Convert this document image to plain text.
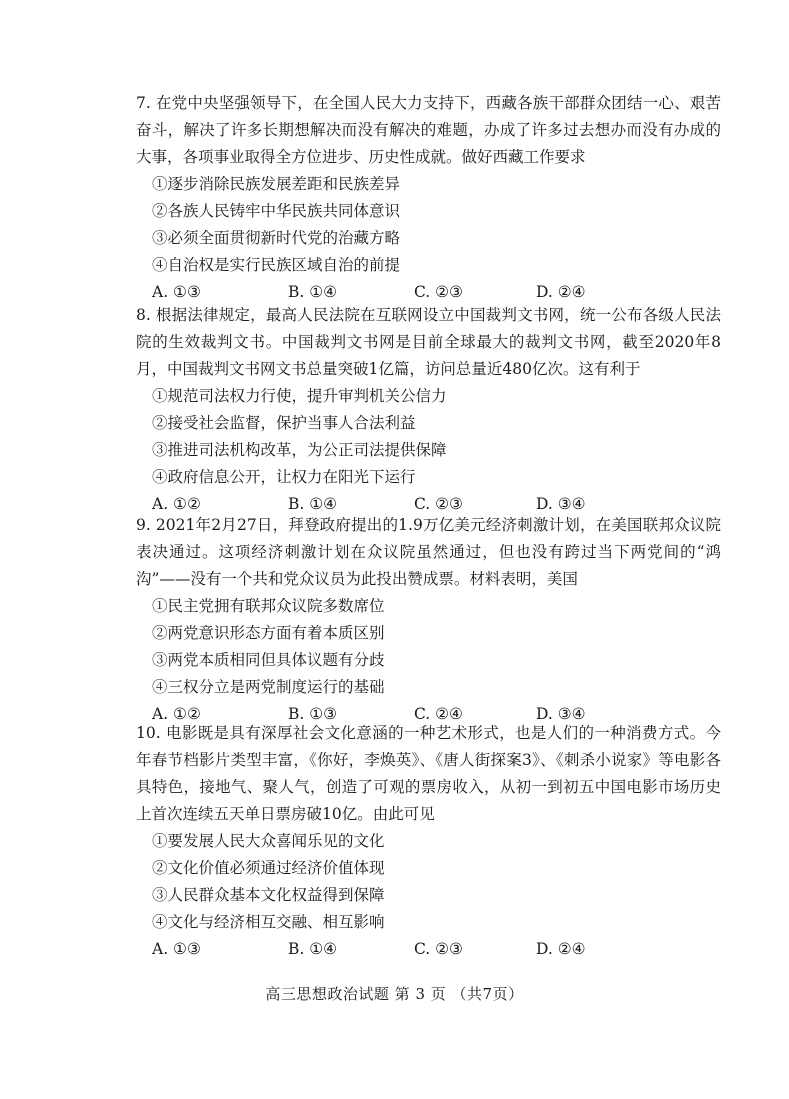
7. 在党中央坚强领导下，在全国人民大力支持下，西藏各族干部群众团结一心、艰苦奋斗，解决了许多长期想解决而没有解决的难题，办成了许多过去想办而没有办成的大事，各项事业取得全方位进步、历史性成就。做好西藏工作要求
①逐步消除民族发展差距和民族差异
②各族人民铸牢中华民族共同体意识
③必须全面贯彻新时代党的治藏方略
④自治权是实行民族区域自治的前提
A. ①③	B. ①④	C. ②③	D. ②④
8. 根据法律规定，最高人民法院在互联网设立中国裁判文书网，统一公布各级人民法院的生效裁判文书。中国裁判文书网是目前全球最大的裁判文书网，截至2020年8月，中国裁判文书网文书总量突破1亿篇，访问总量近480亿次。这有利于
①规范司法权力行使，提升审判机关公信力
②接受社会监督，保护当事人合法利益
③推进司法机构改革，为公正司法提供保障
④政府信息公开，让权力在阳光下运行
A. ①②	B. ①④	C. ②③	D. ③④
9. 2021年2月27日，拜登政府提出的1.9万亿美元经济刺激计划，在美国联邦众议院表决通过。这项经济刺激计划在众议院虽然通过，但也没有跨过当下两党间的“鸿沟”——没有一个共和党众议员为此投出赞成票。材料表明，美国
①民主党拥有联邦众议院多数席位
②两党意识形态方面有着本质区别
③两党本质相同但具体议题有分歧
④三权分立是两党制度运行的基础
A. ①②	B. ①③	C. ②④	D. ③④
10. 电影既是具有深厚社会文化意涵的一种艺术形式，也是人们的一种消费方式。今年春节档影片类型丰富，《你好，李焕英》、《唐人街探案3》、《刺杀小说家》等电影各具特色，接地气、聚人气，创造了可观的票房收入，从初一到初五中国电影市场历史上首次连续五天单日票房破10亿。由此可见
①要发展人民大众喜闻乐见的文化
②文化价值必须通过经济价值体现
③人民群众基本文化权益得到保障
④文化与经济相互交融、相互影响
A. ①③	B. ①④	C. ②③	D. ②④
高三思想政治试题 第 3 页 （共7页）
